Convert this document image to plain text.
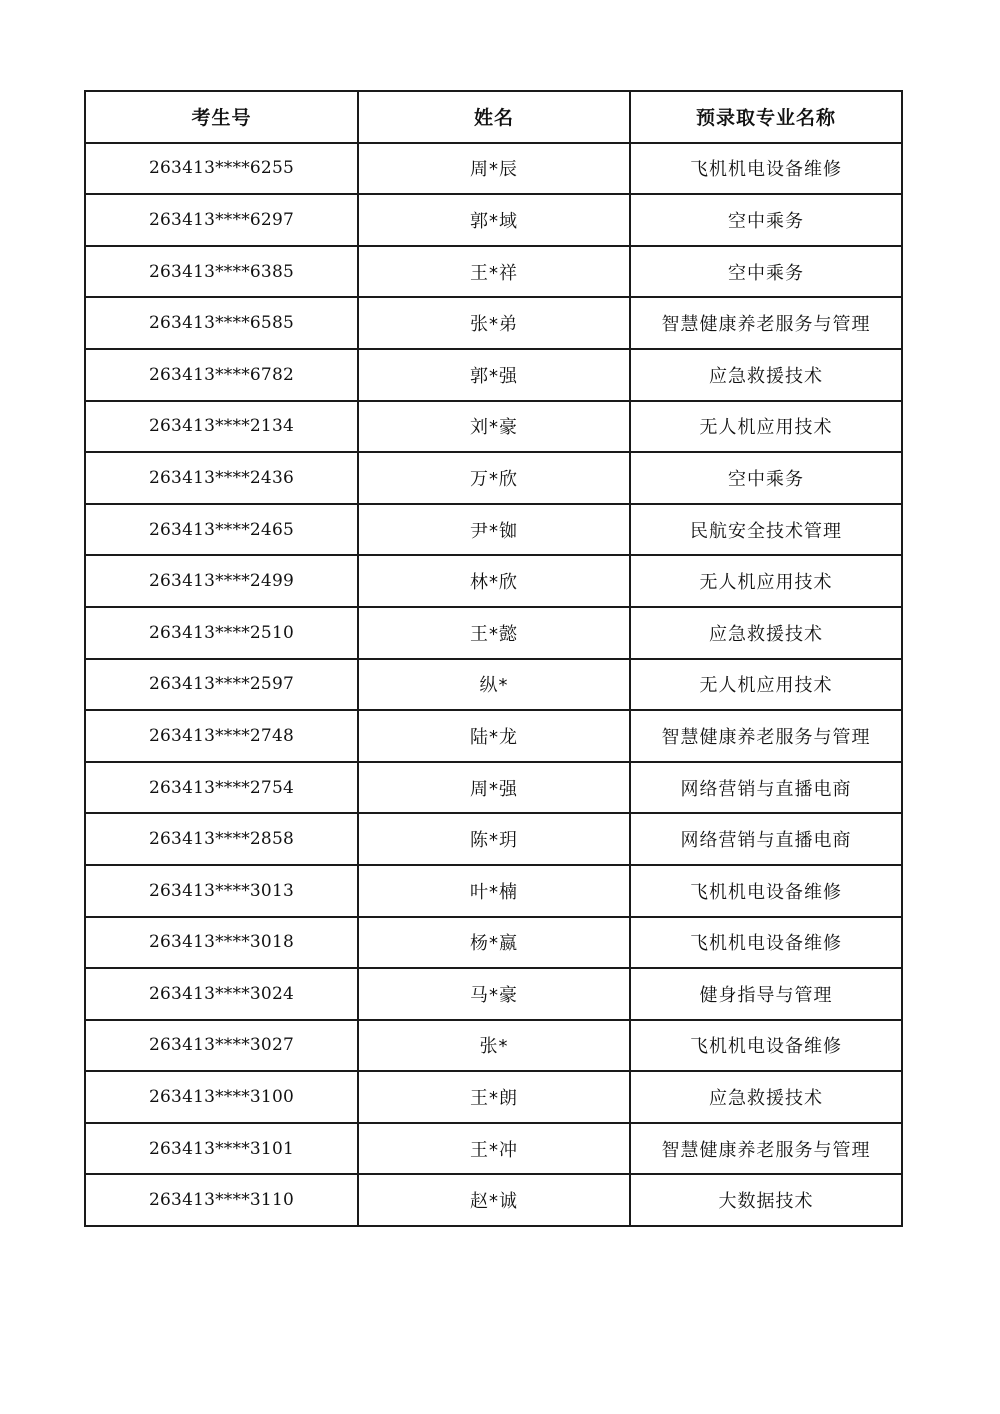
考生号	姓名	预录取专业名称
263413****6255	周*辰	飞机机电设备维修
263413****6297	郭*域	空中乘务
263413****6385	王*祥	空中乘务
263413****6585	张*弟	智慧健康养老服务与管理
263413****6782	郭*强	应急救援技术
263413****2134	刘*豪	无人机应用技术
263413****2436	万*欣	空中乘务
263413****2465	尹*铷	民航安全技术管理
263413****2499	林*欣	无人机应用技术
263413****2510	王*懿	应急救援技术
263413****2597	纵*	无人机应用技术
263413****2748	陆*龙	智慧健康养老服务与管理
263413****2754	周*强	网络营销与直播电商
263413****2858	陈*玥	网络营销与直播电商
263413****3013	叶*楠	飞机机电设备维修
263413****3018	杨*嬴	飞机机电设备维修
263413****3024	马*豪	健身指导与管理
263413****3027	张*	飞机机电设备维修
263413****3100	王*朗	应急救援技术
263413****3101	王*冲	智慧健康养老服务与管理
263413****3110	赵*诚	大数据技术
